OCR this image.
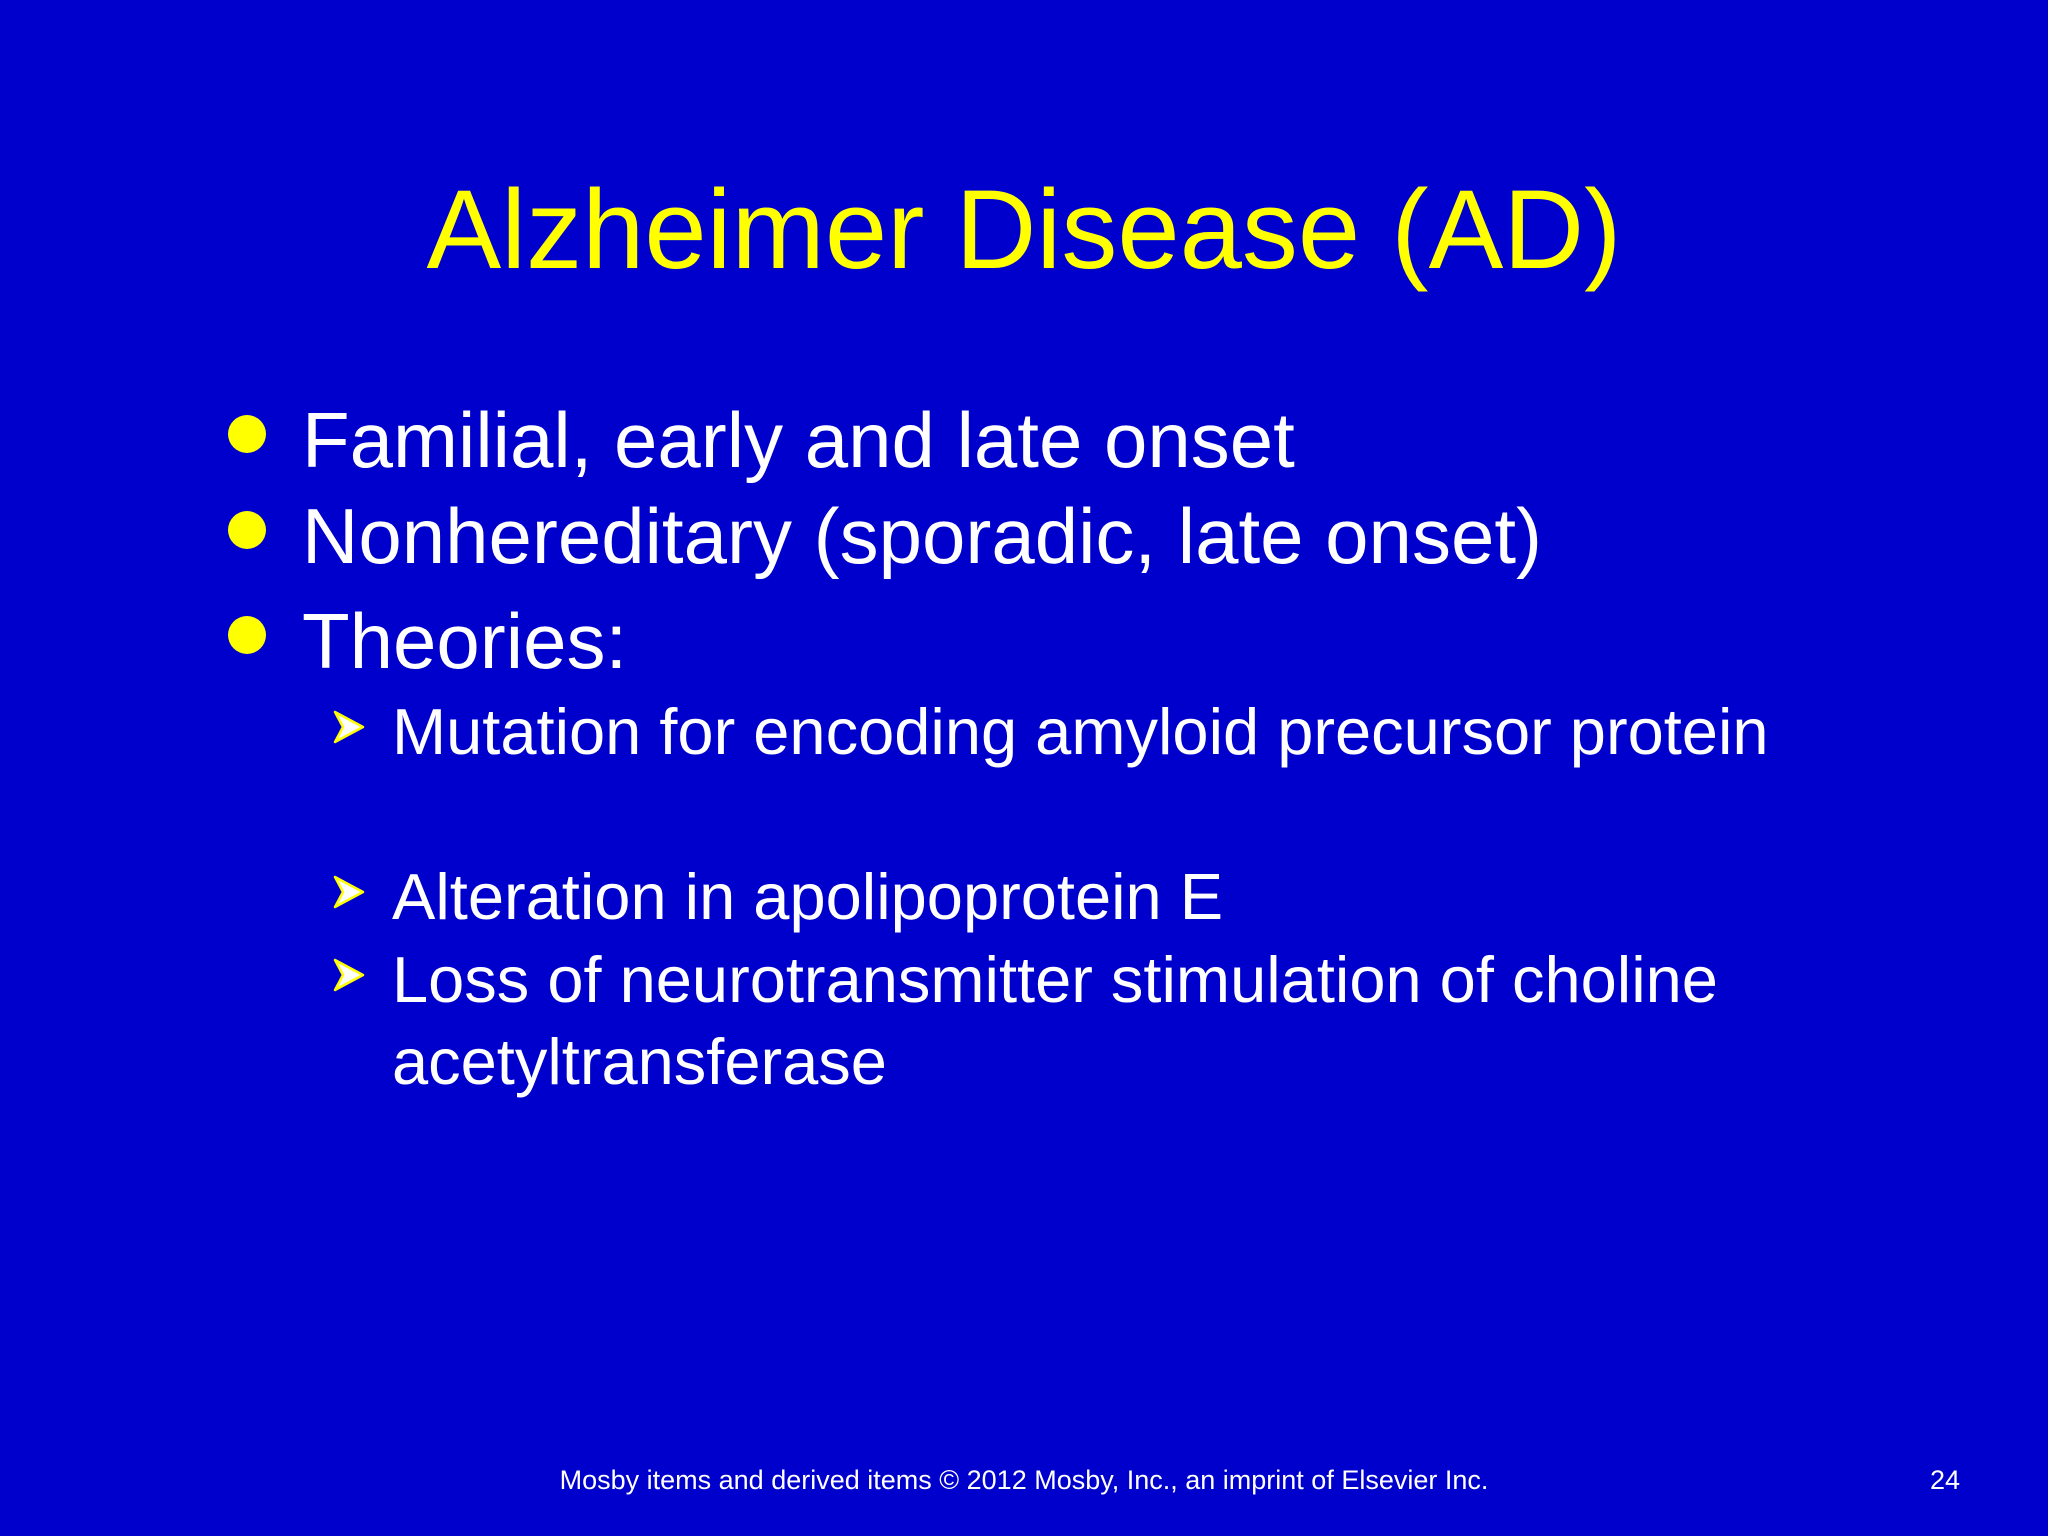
Alzheimer Disease (AD)
Familial, early and late onset
Nonhereditary (sporadic, late onset)
Theories:
Mutation for encoding amyloid precursor protein
Alteration in apolipoprotein E
Loss of neurotransmitter stimulation of choline acetyltransferase
Mosby items and derived items © 2012 Mosby, Inc., an imprint of Elsevier Inc.	24
